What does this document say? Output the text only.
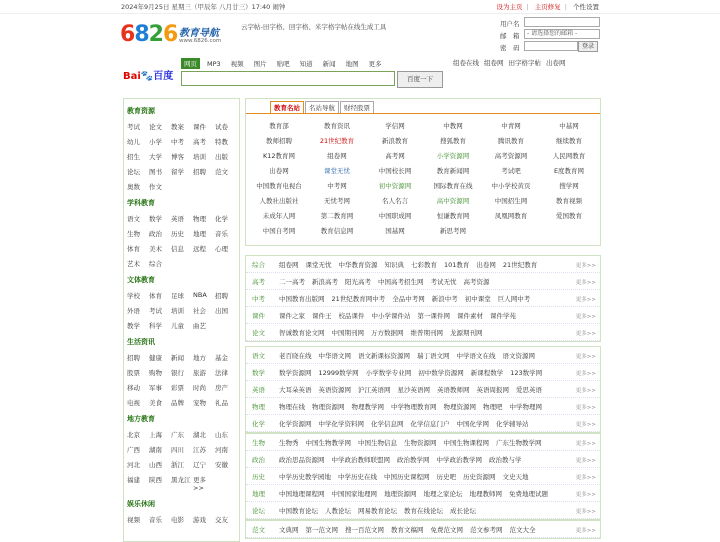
2024年9月25日 星期三（甲辰年 八月廿三）17:40 闹钟	设为主页 | 主页修复 | 个性设置
6826 教育导航
www.6826.com
云字帖-田字格、回字格、米字格字帖在线生成工具	用户名
邮　箱	- 请选择您的邮箱 -
密　码	登录
Bai🐾百度
网页 MP3 视频 图片 贴吧 知道 新闻 地图 更多
百度一下
组卷在线 组卷网 田字格字帖 出卷网
教育资源
考试	论文	教案	课件	试卷
幼儿	小学	中考	高考	特教
招生	大学	博客	培训	出版
论坛	图书	留学	招聘	范文
奥数	作文
学科教育
语文	数学	英语	物理	化学
生物	政治	历史	地理	音乐
体育	美术	信息	远程	心理
艺术	综合
文体教育
学校	体育	足球	NBA	招聘
外语	考试	培训	社会	出国
教学	科学	儿童	曲艺
生活资讯
招聘	健康	新闻	地方	基金
股票	购物	银行	旅游	法律
移动	军事	彩票	时尚	房产
电视	美食	品牌	宠物	礼品
地方教育
北京	上海	广东	湖北	山东
广西	湖南	四川	江苏	河南
河北	山西	浙江	辽宁	安徽
福建	陕西	黑龙江 更多>>
娱乐休闲
视频	音乐	电影	游戏	交友
教育名站 名站导航 财经股票
教育部	教育资讯	学信网	中教网	中青网	中基网
教师招聘	21世纪教育	新浪教育	搜狐教育	腾讯教育	继续教育
K12教育网	组卷网	高考网	小学资源网	高考资源网	人民网教育
出卷网	课堂无忧	中国校长网	教育新闻网	考试吧	E度教育网
中国教育电视台	中考网	初中资源网	国际教育在线	中小学校黄页	搜学网
人教社出版社	无忧考网	名人名言	高中资源网	中国招生网	教育视频
未成年人网	第二教育网	中国职成网	恒谦教育网	凤凰网教育	爱国教育
中国自考网	教育信息网	国基网	新思考网
综合 组卷网 课堂无忧 中华教育资源 知识典 七彩教育 101教育 出卷网 21世纪教育	更多>>
高考 二一高考 新浪高考 阳光高考 中国高考招生网 考试无忧 高考资源	更多>>
中考 中国教育出版网 21世纪教育网中考 全品中考网 新浪中考 初中课堂 巨人网中考	更多>>
课件 课件之家 课件王 校品课件 中小学课件站 第一课件网 课件素材 课件学苑	更多>>
论文 智诚教育论文网 中国期刊网 万方数据网 维普期刊网 龙源期刊网	更多>>
语文 老百晓在线 中华语文网 语文新课标资源网 瑞丁语文网 中学语文在线 语文资源网	更多>>
数学 数学资源网 12999数学网 小学数学专业网 初中数学资源网 新课程数学 123数学网	更多>>
英语 大耳朵英语 英语资源网 沪江英语网 星沙英语网 英语教师网 英语周报网 爱思英语	更多>>
物理 物理在线 物理资源网 物理教学网 中学物理教育网 物理资源网 物理吧 中学物理网	更多>>
化学 化学资源网 中学化学资料网 化学信息网 化学信息门户 中国化学网 化学辅导站	更多>>
生物 生物秀 中国生物教学网 中国生物信息 生物资源网 中国生物课程网 广东生物教学网	更多>>
政治 政治思品资源网 中学政治教师联盟网 政治教学网 中学政治教学网 政治教与学	更多>>
历史 中学历史教学园地 中学历史在线 中国历史课程网 历史吧 历史资源网 文史天地	更多>>
地理 中国地理课程网 中国国家地理网 地理资源网 地理之家论坛 地理教师网 免费地理试题	更多>>
论坛 中国教育论坛 人教论坛 网易教育论坛 教育在线论坛 成长论坛	更多>>
范文 文典网 第一范文网 搜一百范文网 教育文稿网 免费范文网 范文参考网 范文大全	更多>>
